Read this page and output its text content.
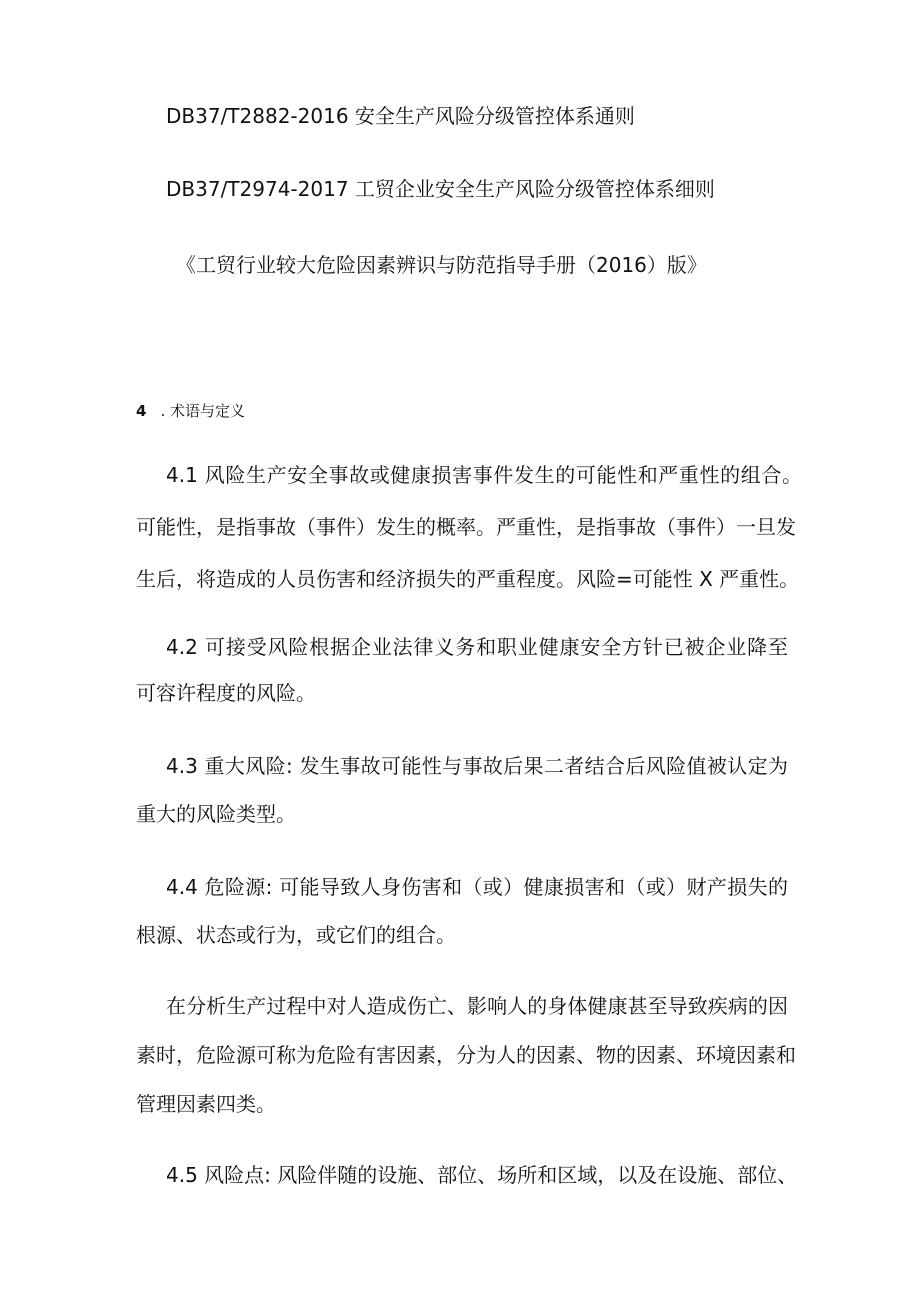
DB37/T2882-2016 安全生产风险分级管控体系通则
DB37/T2974-2017 工贸企业安全生产风险分级管控体系细则
《工贸行业较大危险因素辨识与防范指导手册（2016）版》
4 . 术语与定义
4.1 风险生产安全事故或健康损害事件发生的可能性和严重性的组合。
可能性，是指事故（事件）发生的概率。严重性，是指事故（事件）一旦发
生后，将造成的人员伤害和经济损失的严重程度。风险=可能性 X 严重性。
4.2 可接受风险根据企业法律义务和职业健康安全方针已被企业降至
可容许程度的风险。
4.3 重大风险: 发生事故可能性与事故后果二者结合后风险值被认定为
重大的风险类型。
4.4 危险源: 可能导致人身伤害和（或）健康损害和（或）财产损失的
根源、状态或行为，或它们的组合。
在分析生产过程中对人造成伤亡、影响人的身体健康甚至导致疾病的因
素时，危险源可称为危险有害因素，分为人的因素、物的因素、环境因素和
管理因素四类。
4.5 风险点: 风险伴随的设施、部位、场所和区域，以及在设施、部位、
